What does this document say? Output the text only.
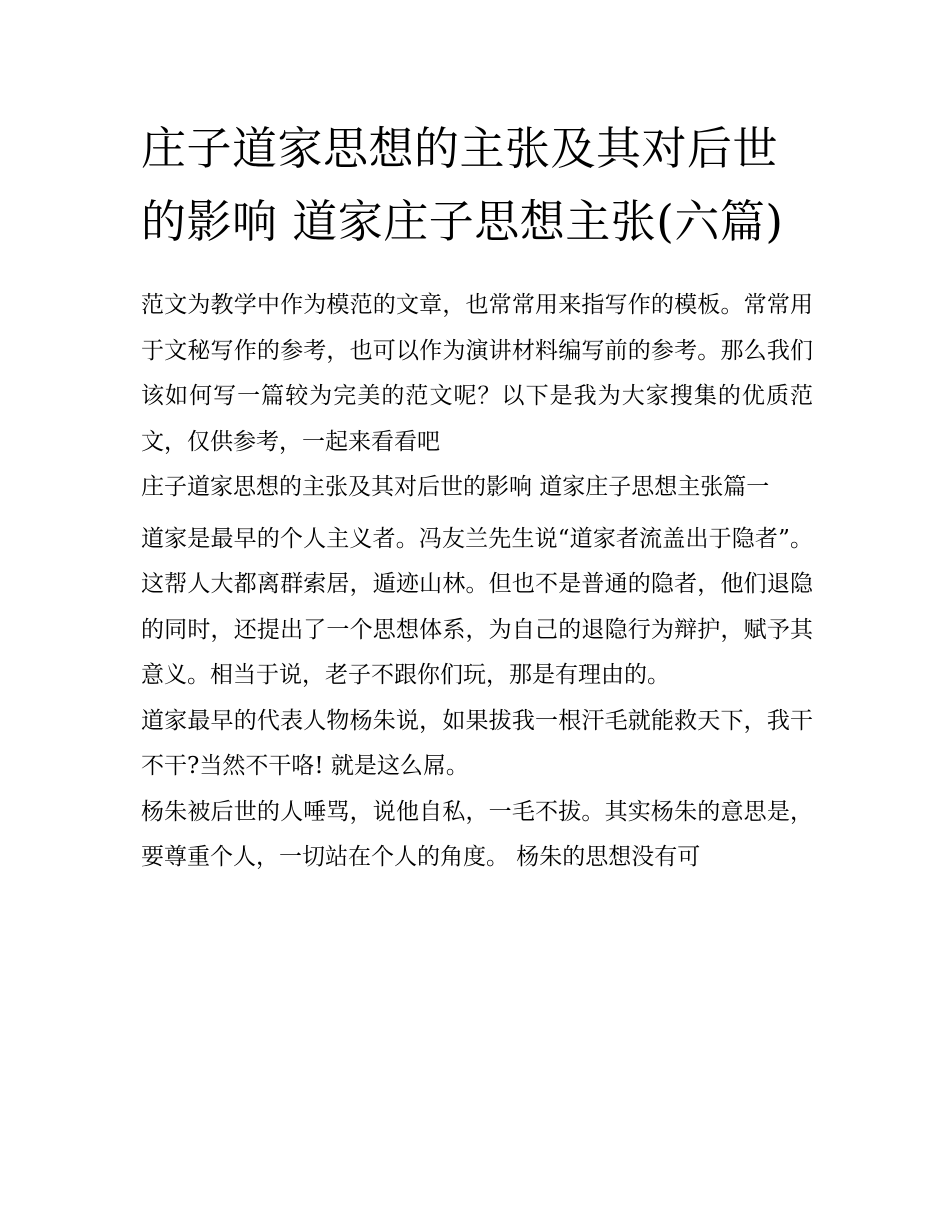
庄子道家思想的主张及其对后世的影响 道家庄子思想主张(六篇)

范文为教学中作为模范的文章，也常常用来指写作的模板。常常用于文秘写作的参考，也可以作为演讲材料编写前的参考。那么我们该如何写一篇较为完美的范文呢？以下是我为大家搜集的优质范文，仅供参考，一起来看看吧

庄子道家思想的主张及其对后世的影响 道家庄子思想主张篇一

道家是最早的个人主义者。冯友兰先生说“道家者流盖出于隐者”。这帮人大都离群索居，遁迹山林。但也不是普通的隐者，他们退隐的同时，还提出了一个思想体系，为自己的退隐行为辩护，赋予其意义。相当于说，老子不跟你们玩，那是有理由的。

道家最早的代表人物杨朱说，如果拔我一根汗毛就能救天下，我干不干?当然不干咯! 就是这么屌。

杨朱被后世的人唾骂，说他自私，一毛不拔。其实杨朱的意思是，要尊重个人，一切站在个人的角度。 杨朱的思想没有可
